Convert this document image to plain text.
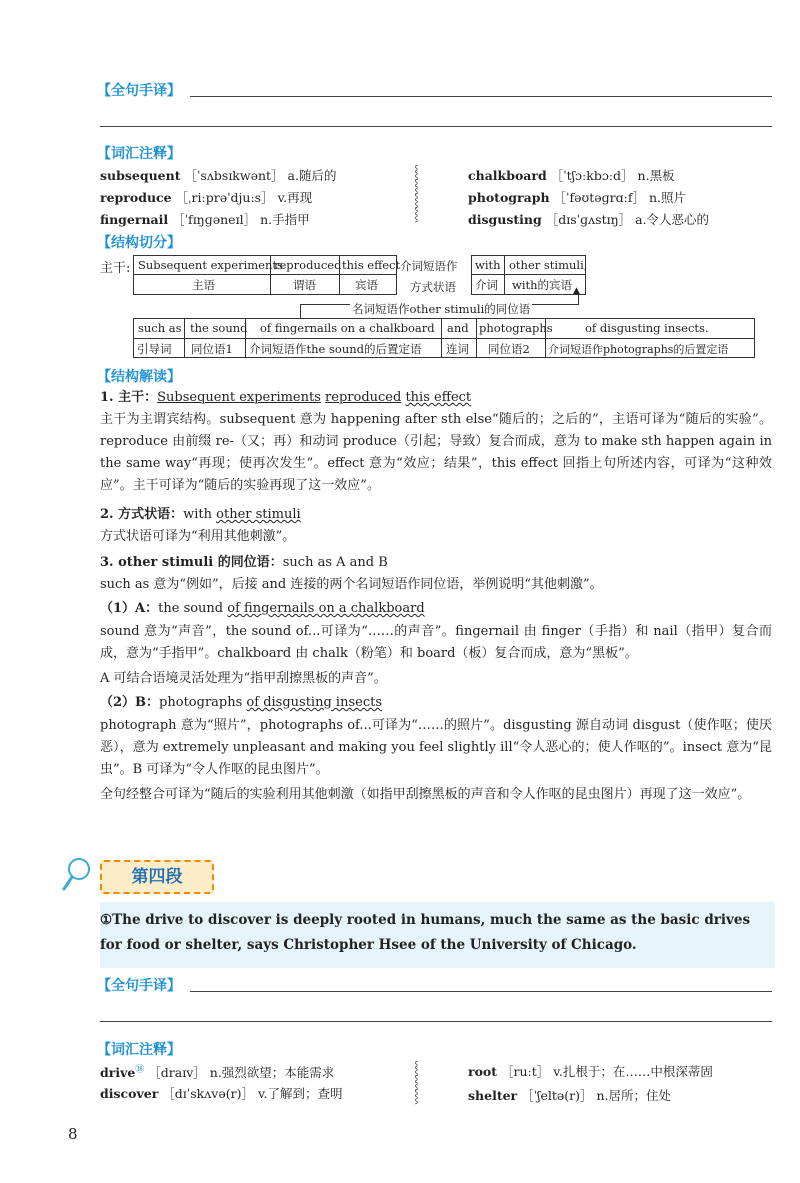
【全句手译】
【词汇注释】
subsequent ［ˈsʌbsɪkwənt］ a.随后的
reproduce ［ˌriːprəˈdjuːs］ v.再现
fingernail ［ˈfɪŋɡəneɪl］ n.手指甲
⸾
⸾
⸾
⸾
chalkboard ［ˈtʃɔːkbɔːd］ n.黑板
photograph ［ˈfəʊtəɡrɑːf］ n.照片
disgusting ［dɪsˈɡʌstɪŋ］ a.令人恶心的
【结构切分】
主干: Subsequent experiments
主语
reproduced
谓语
this effect
宾语
介词短语作
方式状语
with
介词
other stimuli,
with的宾语 ▲
名词短语作other stimuli的同位语
such as
引导词
the sound
同位语1
of fingernails on a chalkboard
介词短语作the sound的后置定语
and
连词
photographs
同位语2
of disgusting insects.
介词短语作photographs的后置定语
【结构解读】
1. 主干：Subsequent experiments reproduced this effect
主干为主谓宾结构。subsequent 意为 happening after sth else“随后的；之后的”，主语可译为“随后的实验”。reproduce 由前缀 re-（又；再）和动词 produce（引起；导致）复合而成，意为 to make sth happen again in the same way“再现；使再次发生”。effect 意为“效应；结果”，this effect 回指上句所述内容，可译为“这种效应”。主干可译为“随后的实验再现了这一效应”。
2. 方式状语：with other stimuli
方式状语可译为“利用其他刺激”。
3. other stimuli 的同位语：such as A and B
such as 意为“例如”，后接 and 连接的两个名词短语作同位语，举例说明“其他刺激”。
（1）A：the sound of fingernails on a chalkboard
sound 意为“声音”，the sound of...可译为“……的声音”。fingernail 由 finger（手指）和 nail（指甲）复合而成，意为“手指甲”。chalkboard 由 chalk（粉笔）和 board（板）复合而成，意为“黑板”。
A 可结合语境灵活处理为“指甲刮擦黑板的声音”。
（2）B：photographs of disgusting insects
photograph 意为“照片”，photographs of...可译为“……的照片”。disgusting 源自动词 disgust（使作呕；使厌恶），意为 extremely unpleasant and making you feel slightly ill“令人恶心的；使人作呕的”。insect 意为“昆虫”。B 可译为“令人作呕的昆虫图片”。
全句经整合可译为“随后的实验利用其他刺激（如指甲刮擦黑板的声音和令人作呕的昆虫图片）再现了这一效应”。
第四段

①The drive to discover is deeply rooted in humans, much the same as the basic drives for food or shelter, says Christopher Hsee of the University of Chicago.

【全句手译】
【词汇注释】
drive⑱ ［draɪv］ n.强烈欲望；本能需求
discover ［dɪˈskʌvə(r)］ v.了解到；查明
⸾
⸾
⸾
root ［ruːt］ v.扎根于；在……中根深蒂固
shelter ［ˈʃeltə(r)］ n.居所；住处
8
